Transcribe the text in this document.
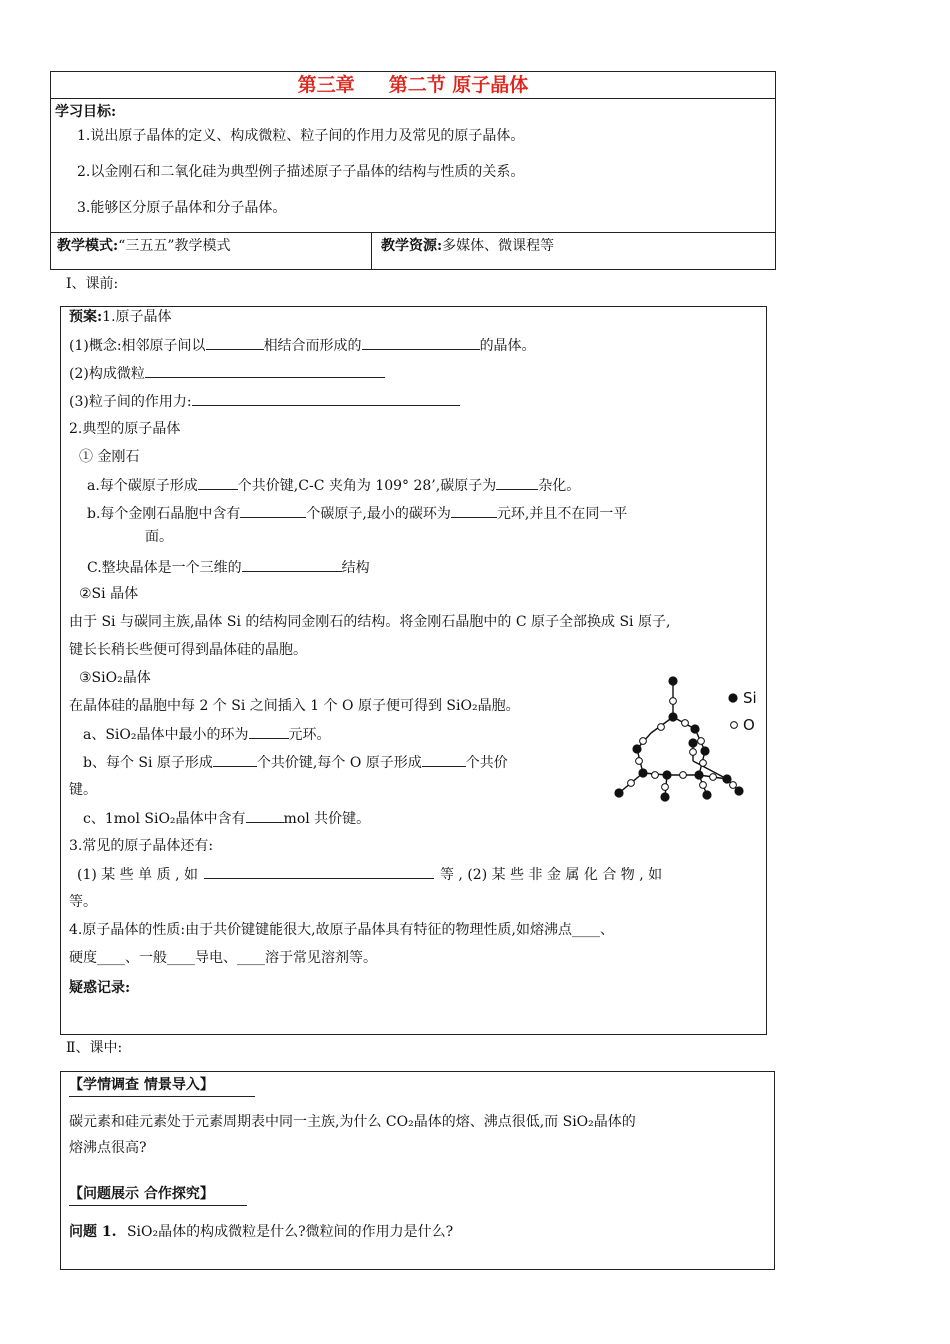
第三章 第二节 原子晶体
学习目标:
1.说出原子晶体的定义、构成微粒、粒子间的作用力及常见的原子晶体。
2.以金刚石和二氧化硅为典型例子描述原子子晶体的结构与性质的关系。
3.能够区分原子晶体和分子晶体。
教学模式:“三五五”教学模式	教学资源:多媒体、微课程等
Ⅰ、课前:
预案:1.原子晶体
(1)概念:相邻原子间以	相结合而形成的	的晶体。
(2)构成微粒
(3)粒子间的作用力:
2.典型的原子晶体
① 金刚石
a.每个碳原子形成	个共价键,C-C 夹角为 109° 28’,碳原子为	杂化。
b.每个金刚石晶胞中含有	个碳原子,最小的碳环为	元环,并且不在同一平
面。
C.整块晶体是一个三维的	结构
②Si 晶体
由于 Si 与碳同主族,晶体 Si 的结构同金刚石的结构。将金刚石晶胞中的 C 原子全部换成 Si 原子,
键长长稍长些便可得到晶体硅的晶胞。
③SiO₂晶体
在晶体硅的晶胞中每 2 个 Si 之间插入 1 个 O 原子便可得到 SiO₂晶胞。
a、SiO₂晶体中最小的环为	元环。
b、每个 Si 原子形成	个共价键,每个 O 原子形成	个共价
键。
c、1mol SiO₂晶体中含有	mol 共价键。
3.常见的原子晶体还有:
(1) 某 些 单 质 , 如	等 , (2) 某 些 非 金 属 化 合 物 , 如
等。
4.原子晶体的性质:由于共价键键能很大,故原子晶体具有特征的物理性质,如熔沸点____、
硬度____、一般____导电、____溶于常见溶剂等。
疑惑记录:
Si
O
Ⅱ、课中:
【学情调查 情景导入】
碳元素和硅元素处于元素周期表中同一主族,为什么 CO₂晶体的熔、沸点很低,而 SiO₂晶体的
熔沸点很高?
【问题展示 合作探究】
问题 1. SiO₂晶体的构成微粒是什么?微粒间的作用力是什么?
